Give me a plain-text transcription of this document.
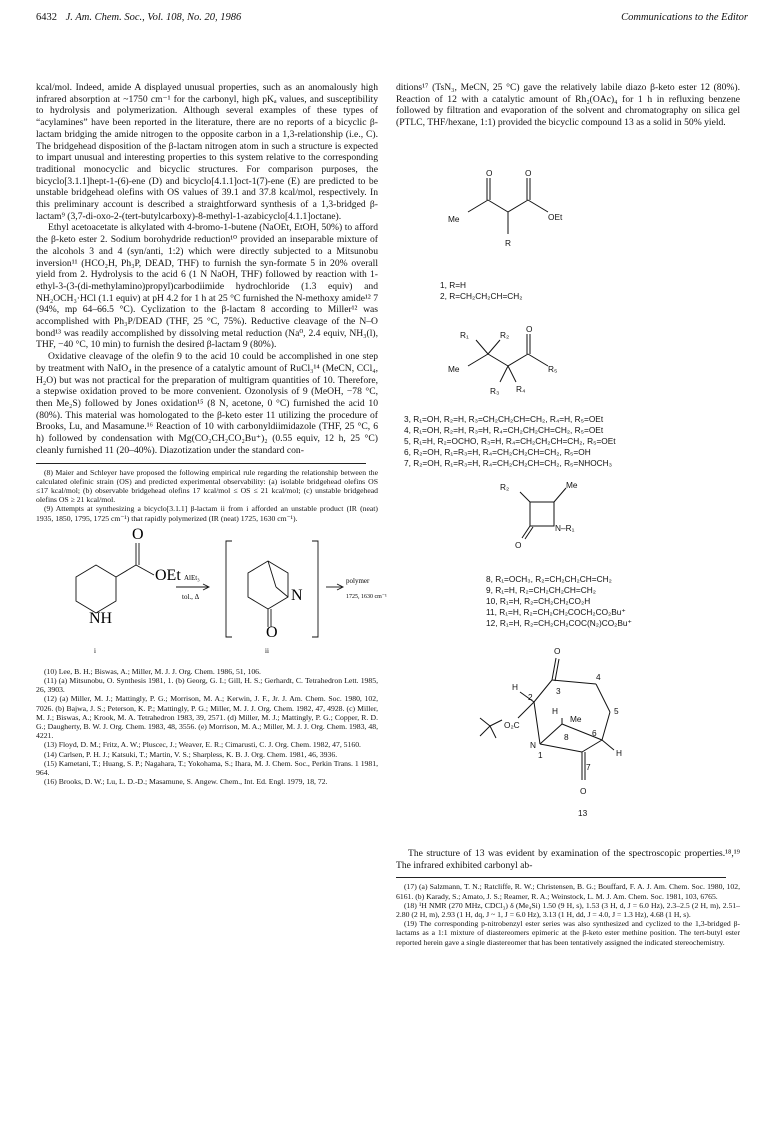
6432 J. Am. Chem. Soc., Vol. 108, No. 20, 1986	Communications to the Editor

kcal/mol. Indeed, amide A displayed unusual properties, such as an anomalously high infrared absorption at ~1750 cm⁻¹ for the carbonyl, high pKₐ values, and susceptibility to hydrolysis and polymerization. Although several examples of these types of “acylamines” have been reported in the literature, there are no reports of a bicyclic β-lactam bridging the amide nitrogen to the opposite carbon in a 1,3-relationship (i.e., C). The bridgehead disposition of the β-lactam nitrogen atom in such a structure is expected to impart unusual and interesting properties to this system relative to the corresponding traditional monocyclic and bicyclic structures. For comparison purposes, the bicyclo[3.1.1]hept-1-(6)-ene (D) and bicyclo[4.1.1]oct-1(7)-ene (E) are predicted to be unstable bridgehead olefins with OS values of 39.1 and 37.8 kcal/mol, respectively. In this preliminary account is described a straightforward synthesis of a 1,3-bridged β-lactam⁹ (3,7-di-oxo-2-(tert-butylcarboxy)-8-methyl-1-azabicyclo[4.1.1]octane).

Ethyl acetoacetate is alkylated with 4-bromo-1-butene (NaOEt, EtOH, 50%) to afford the β-keto ester 2. Sodium borohydride reduction¹⁰ provided an inseparable mixture of the alcohols 3 and 4 (syn/anti, 1:2) which were directly subjected to a Mitsunobu inversion¹¹ (HCO₂H, Ph₃P, DEAD, THF) to furnish the syn-formate 5 in 20% overall yield from 2. Hydrolysis to the acid 6 (1 N NaOH, THF) followed by reaction with 1-ethyl-3-(3-(di-methylamino)propyl)carbodiimide hydrochloride (1.3 equiv) and NH₂OCH₃·HCl (1.1 equiv) at pH 4.2 for 1 h at 25 °C furnished the N-methoxy amide¹² 7 (94%, mp 64–66.5 °C). Cyclization to the β-lactam 8 according to Miller¹² was accomplished with Ph₃P/DEAD (THF, 25 °C, 75%). Reductive cleavage of the N–O bond¹³ was readily accomplished by dissolving metal reduction (Na⁰, 2.4 equiv, NH₃(l), THF, −40 °C, 10 min) to furnish the desired β-lactam 9 (80%).

Oxidative cleavage of the olefin 9 to the acid 10 could be accomplished in one step by treatment with NaIO₄ in the presence of a catalytic amount of RuCl₃¹⁴ (MeCN, CCl₄, H₂O) but was not practical for the preparation of multigram quantities of 10. Therefore, a stepwise oxidation proved to be more convenient. Ozonolysis of 9 (MeOH, −78 °C, then Me₂S) followed by Jones oxidation¹⁵ (8 N, acetone, 0 °C) furnished the acid 10 (80%). This material was homologated to the β-keto ester 11 utilizing the procedure of Brooks, Lu, and Masamune.¹⁶ Reaction of 10 with carbonyldiimidazole (THF, 25 °C, 6 h) followed by condensation with Mg(CO₂CH₂CO₂Bu⁺)₂ (0.55 equiv, 12 h, 25 °C) cleanly furnished 11 (20–40%). Diazotization under the standard con-

(8) Maier and Schleyer have proposed the following empirical rule regarding the relationship between the calculated olefinic strain (OS) and predicted experimental observability: (a) isolable bridgehead olefins OS ≤17 kcal/mol; (b) observable bridgehead olefins 17 kcal/mol ≤ OS ≤ 21 kcal/mol; (c) unstable bridgehead olefins OS ≥ 21 kcal/mol.

(9) Attempts at synthesizing a bicyclo[3.1.1] β-lactam ii from i afforded an unstable product (IR (neat) 1935, 1850, 1795, 1725 cm⁻¹) that rapidly polymerized (IR (neat) 1725, 1630 cm⁻¹).

O
OEt
NH
AlEt₃
tol., Δ	N
O
polymer
1725, 1630 cm⁻¹
i	ii

(10) Lee, B. H.; Biswas, A.; Miller, M. J. J. Org. Chem. 1986, 51, 106.

(11) (a) Mitsunobu, O. Synthesis 1981, 1. (b) Georg, G. I.; Gill, H. S.; Gerhardt, C. Tetrahedron Lett. 1985, 26, 3903.

(12) (a) Miller, M. J.; Mattingly, P. G.; Morrison, M. A.; Kerwin, J. F., Jr. J. Am. Chem. Soc. 1980, 102, 7026. (b) Bajwa, J. S.; Peterson, K. P.; Mattingly, P. G.; Miller, M. J. J. Org. Chem. 1982, 47, 4928. (c) Miller, M. J.; Biswas, A.; Krook, M. A. Tetrahedron 1983, 39, 2571. (d) Miller, M. J.; Mattingly, P. G.; Copper, R. D. G.; Daugherty, B. W. J. Org. Chem. 1983, 48, 3556. (e) Morrison, M. A.; Miller, M. J. J. Org. Chem. 1983, 48, 4221.

(13) Floyd, D. M.; Fritz, A. W.; Pluscec, J.; Weaver, E. R.; Cimarusti, C. J. Org. Chem. 1982, 47, 5160.

(14) Carlsen, P. H. J.; Katsuki, T.; Martin, V. S.; Sharpless, K. B. J. Org. Chem. 1981, 46, 3936.

(15) Kametani, T.; Huang, S. P.; Nagahara, T.; Yokohama, S.; Ihara, M. J. Chem. Soc., Perkin Trans. 1 1981, 964.

(16) Brooks, D. W.; Lu, L. D.-D.; Masamune, S. Angew. Chem., Int. Ed. Engl. 1979, 18, 72.

ditions¹⁷ (TsN₃, MeCN, 25 °C) gave the relatively labile diazo β-keto ester 12 (80%). Reaction of 12 with a catalytic amount of Rh₂(OAc)₄ for 1 h in refluxing benzene followed by filtration and evaporation of the solvent and chromatography on silica gel (PTLC, THF/hexane, 1:1) provided the bicyclic compound 13 as a solid in 50% yield.

O	O
Me	OEt
R
1, R=H
2, R=CH₂CH₂CH=CH₂
R₁	R₂
O
Me	R₅
R₃ R₄
3, R₁=OH, R₂=H, R₃=CH₂CH₂CH=CH₂, R₄=H, R₅=OEt
4, R₁=OH, R₂=H, R₃=H, R₄=CH₂CH₂CH=CH₂, R₅=OEt
5, R₁=H, R₂=OCHO, R₃=H, R₄=CH₂CH₂CH=CH₂, R₅=OEt
6, R₂=OH, R₁=R₃=H, R₄=CH₂CH₂CH=CH₂, R₅=OH
7, R₂=OH, R₁=R₃=H, R₄=CH₂CH₂CH=CH₂, R₅=NHOCH₃
R₂	Me
N–R₁
O
8, R₁=OCH₃, R₂=CH₂CH₂CH=CH₂
9, R₁=H, R₂=CH₂CH₂CH=CH₂
10, R₁=H, R₂=CH₂CH₂CO₂H
11, R₁=H, R₂=CH₂CH₂COCH₂CO₂Bu⁺
12, R₁=H, R₂=CH₂CH₂COC(N₂)CO₂Bu⁺
O
H
2
3
4
5
6
7
8
1
H
Me
O₂C
N
H
O
13

The structure of 13 was evident by examination of the spectroscopic properties.¹⁸,¹⁹ The infrared exhibited carbonyl ab-

(17) (a) Salzmann, T. N.; Ratcliffe, R. W.; Christensen, B. G.; Bouffard, F. A. J. Am. Chem. Soc. 1980, 102, 6161. (b) Karady, S.; Amato, J. S.; Reamer, R. A.; Weinstock, L. M. J. Am. Chem. Soc. 1981, 103, 6765.

(18) ¹H NMR (270 MHz, CDCl₃) δ (Me₄Si) 1.50 (9 H, s), 1.53 (3 H, d, J = 6.0 Hz), 2.3–2.5 (2 H, m), 2.51–2.80 (2 H, m), 2.93 (1 H, dq, J ~ 1, J = 6.0 Hz), 3.13 (1 H, dd, J = 4.0, J = 1.3 Hz), 4.68 (1 H, s).

(19) The corresponding p-nitrobenzyl ester series was also synthesized and cyclized to the 1,3-bridged β-lactams as a 1:1 mixture of diastereomers epimeric at the β-keto ester methine position. The tert-butyl ester reported herein gave a single diastereomer that has been tentatively assigned the indicated stereochemistry.
